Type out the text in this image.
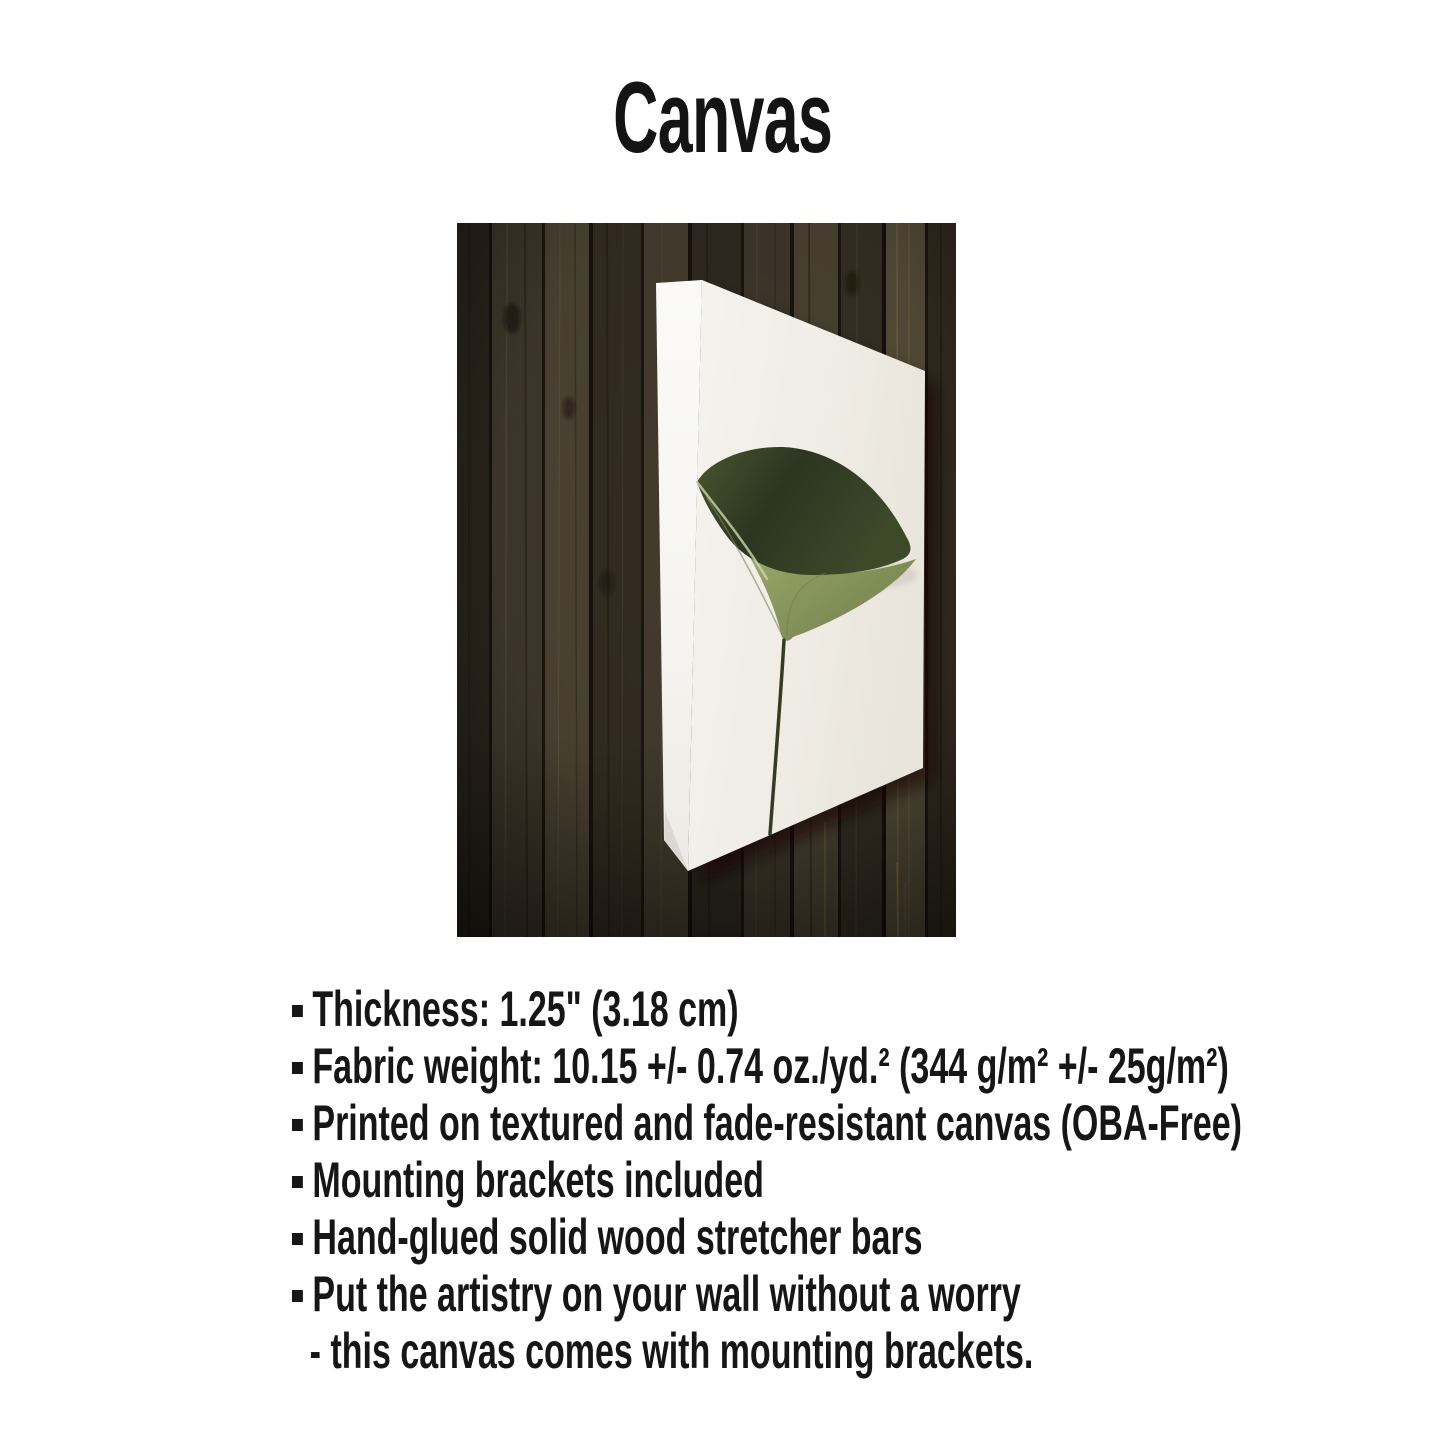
Canvas
Thickness: 1.25" (3.18 cm)
Fabric weight: 10.15 +/- 0.74 oz./yd.² (344 g/m² +/- 25g/m²)
Printed on textured and fade-resistant canvas (OBA-Free)
Mounting brackets included
Hand-glued solid wood stretcher bars
Put the artistry on your wall without a worry
- this canvas comes with mounting brackets.
